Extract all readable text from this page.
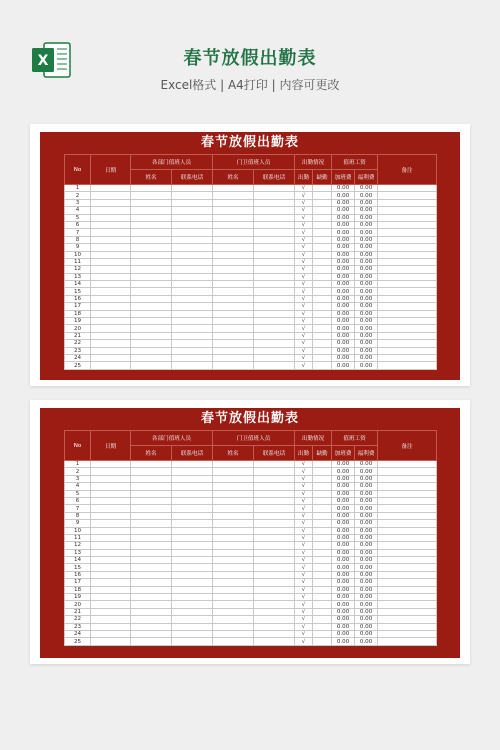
X	春节放假出勤表
Excel格式 | A4打印 | 内容可更改
春节放假出勤表
No	日期	各部门值班人员		门卫值班人员		出勤情况		值班工资		备注
		姓名	联系电话	姓名	联系电话	出勤	缺勤	加班费	福利费	
1						√		0.00	0.00	
2						√		0.00	0.00	
3						√		0.00	0.00	
4						√		0.00	0.00	
5						√		0.00	0.00	
6						√		0.00	0.00	
7						√		0.00	0.00	
8						√		0.00	0.00	
9						√		0.00	0.00	
10						√		0.00	0.00	
11						√		0.00	0.00	
12						√		0.00	0.00	
13						√		0.00	0.00	
14						√		0.00	0.00	
15						√		0.00	0.00	
16						√		0.00	0.00	
17						√		0.00	0.00	
18						√		0.00	0.00	
19						√		0.00	0.00	
20						√		0.00	0.00	
21						√		0.00	0.00	
22						√		0.00	0.00	
23						√		0.00	0.00	
24						√		0.00	0.00	
25						√		0.00	0.00	
春节放假出勤表
No	日期	各部门值班人员		门卫值班人员		出勤情况		值班工资		备注
		姓名	联系电话	姓名	联系电话	出勤	缺勤	加班费	福利费	
1						√		0.00	0.00	
2						√		0.00	0.00	
3						√		0.00	0.00	
4						√		0.00	0.00	
5						√		0.00	0.00	
6						√		0.00	0.00	
7						√		0.00	0.00	
8						√		0.00	0.00	
9						√		0.00	0.00	
10						√		0.00	0.00	
11						√		0.00	0.00	
12						√		0.00	0.00	
13						√		0.00	0.00	
14						√		0.00	0.00	
15						√		0.00	0.00	
16						√		0.00	0.00	
17						√		0.00	0.00	
18						√		0.00	0.00	
19						√		0.00	0.00	
20						√		0.00	0.00	
21						√		0.00	0.00	
22						√		0.00	0.00	
23						√		0.00	0.00	
24						√		0.00	0.00	
25						√		0.00	0.00	
